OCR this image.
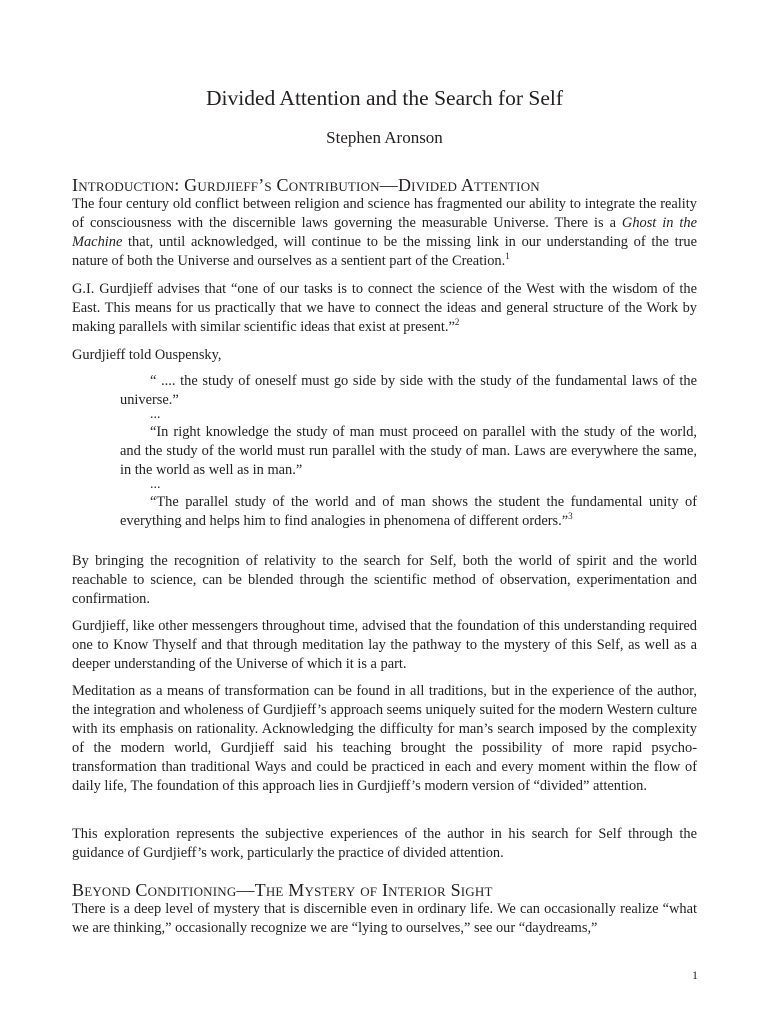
Divided Attention and the Search for Self
Stephen Aronson
Introduction: Gurdjieff’s Contribution—Divided Attention

The four century old conflict between religion and science has fragmented our ability to integrate the reality of consciousness with the discernible laws governing the measurable Universe. There is a Ghost in the Machine that, until acknowledged, will continue to be the missing link in our understanding of the true nature of both the Universe and ourselves as a sentient part of the Creation.$^1$

G.I. Gurdjieff advises that “one of our tasks is to connect the science of the West with the wisdom of the East. This means for us practically that we have to connect the ideas and general structure of the Work by making parallels with similar scientific ideas that exist at present.”$^2$

Gurdjieff told Ouspensky,

“ .... the study of oneself must go side by side with the study of the fundamental laws of the universe.”

...

“In right knowledge the study of man must proceed on parallel with the study of the world, and the study of the world must run parallel with the study of man. Laws are everywhere the same, in the world as well as in man.”

...

“The parallel study of the world and of man shows the student the fundamental unity of everything and helps him to find analogies in phenomena of different orders.”$^3$

By bringing the recognition of relativity to the search for Self, both the world of spirit and the world reachable to science, can be blended through the scientific method of observation, experimentation and confirmation.

Gurdjieff, like other messengers throughout time, advised that the foundation of this understanding required one to Know Thyself and that through meditation lay the pathway to the mystery of this Self, as well as a deeper understanding of the Universe of which it is a part.

Meditation as a means of transformation can be found in all traditions, but in the experience of the author, the integration and wholeness of Gurdjieff’s approach seems uniquely suited for the modern Western culture with its emphasis on rationality. Acknowledging the difficulty for man’s search imposed by the complexity of the modern world, Gurdjieff said his teaching brought the possibility of more rapid psycho-transformation than traditional Ways and could be practiced in each and every moment within the flow of daily life, The foundation of this approach lies in Gurdjieff’s modern version of “divided” attention.

This exploration represents the subjective experiences of the author in his search for Self through the guidance of Gurdjieff’s work, particularly the practice of divided attention.

Beyond Conditioning—The Mystery of Interior Sight

There is a deep level of mystery that is discernible even in ordinary life. We can occasionally realize “what we are thinking,” occasionally recognize we are “lying to ourselves,” see our “daydreams,”

1
